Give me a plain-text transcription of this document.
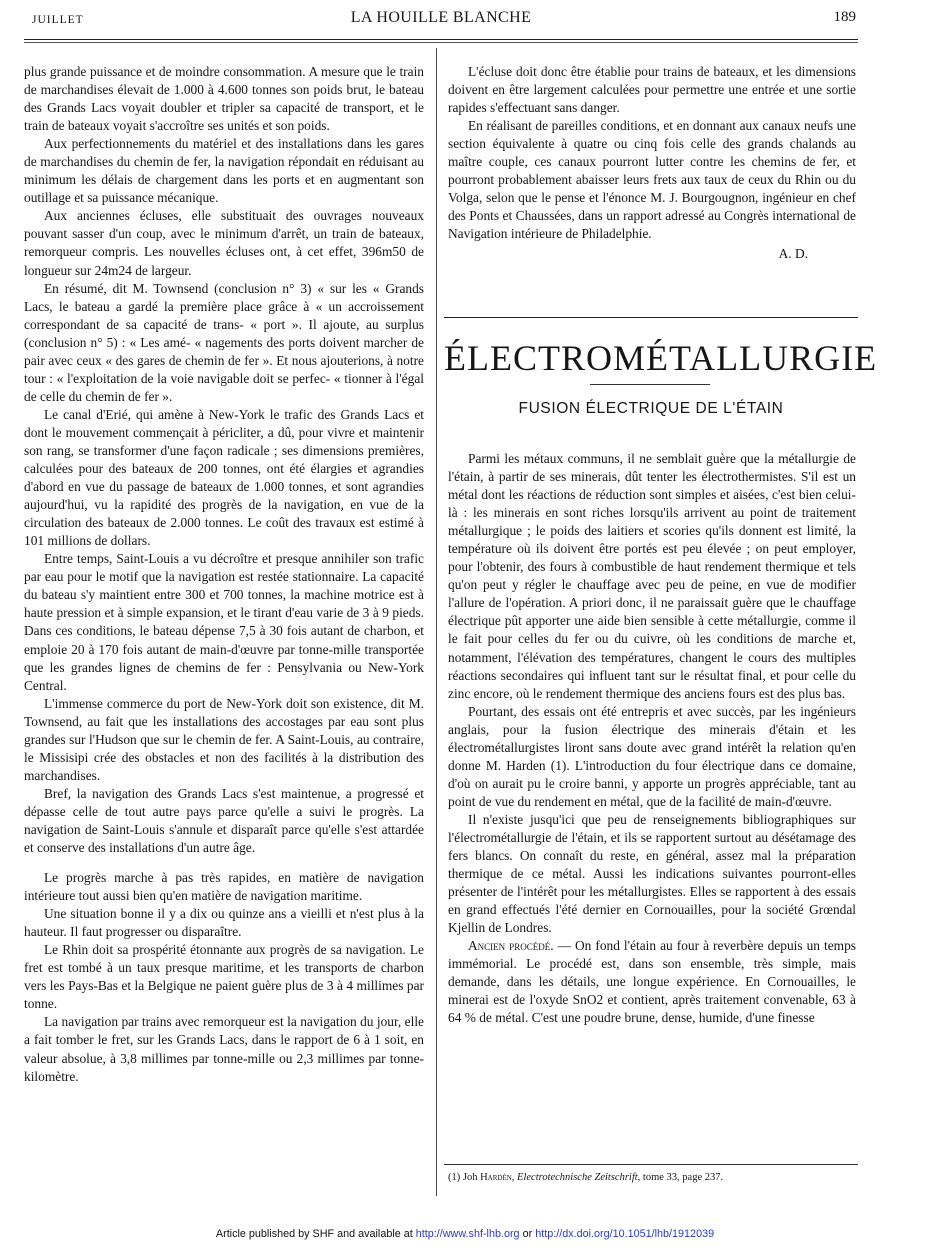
JUILLET	LA HOUILLE BLANCHE	189

plus grande puissance et de moindre consommation. A mesure que le train de marchandises élevait de 1.000 à 4.600 tonnes son poids brut, le bateau des Grands Lacs voyait doubler et tripler sa capacité de transport, et le train de bateaux voyait s'accroître ses unités et son poids.

Aux perfectionnements du matériel et des installations dans les gares de marchandises du chemin de fer, la navigation répondait en réduisant au minimum les délais de chargement dans les ports et en augmentant son outillage et sa puissance mécanique.

Aux anciennes écluses, elle substituait des ouvrages nouveaux pouvant sasser d'un coup, avec le minimum d'arrêt, un train de bateaux, remorqueur compris. Les nouvelles écluses ont, à cet effet, 396m50 de longueur sur 24m24 de largeur.

En résumé, dit M. Townsend (conclusion n° 3) « sur les « Grands Lacs, le bateau a gardé la première place grâce à « un accroissement correspondant de sa capacité de trans- « port ». Il ajoute, au surplus (conclusion n° 5) : « Les amé- « nagements des ports doivent marcher de pair avec ceux « des gares de chemin de fer ». Et nous ajouterions, à notre tour : « l'exploitation de la voie navigable doit se perfec- « tionner à l'égal de celle du chemin de fer ».

Le canal d'Erié, qui amène à New-York le trafic des Grands Lacs et dont le mouvement commençait à péricliter, a dû, pour vivre et maintenir son rang, se transformer d'une façon radicale ; ses dimensions premières, calculées pour des bateaux de 200 tonnes, ont été élargies et agrandies d'abord en vue du passage de bateaux de 1.000 tonnes, et sont agrandies aujourd'hui, vu la rapidité des progrès de la navigation, en vue de la circulation des bateaux de 2.000 tonnes. Le coût des travaux est estimé à 101 millions de dollars.

Entre temps, Saint-Louis a vu décroître et presque annihiler son trafic par eau pour le motif que la navigation est restée stationnaire. La capacité du bateau s'y maintient entre 300 et 700 tonnes, la machine motrice est à haute pression et à simple expansion, et le tirant d'eau varie de 3 à 9 pieds. Dans ces conditions, le bateau dépense 7,5 à 30 fois autant de charbon, et emploie 20 à 170 fois autant de main-d'œuvre par tonne-mille transportée que les grandes lignes de chemins de fer : Pensylvania ou New-York Central.

L'immense commerce du port de New-York doit son existence, dit M. Townsend, au fait que les installations des accostages par eau sont plus grandes sur l'Hudson que sur le chemin de fer. A Saint-Louis, au contraire, le Missisipi crée des obstacles et non des facilités à la distribution des marchandises.

Bref, la navigation des Grands Lacs s'est maintenue, a progressé et dépasse celle de tout autre pays parce qu'elle a suivi le progrès. La navigation de Saint-Louis s'annule et disparaît parce qu'elle s'est attardée et conserve des installations d'un autre âge.

Le progrès marche à pas très rapides, en matière de navigation intérieure tout aussi bien qu'en matière de navigation maritime.

Une situation bonne il y a dix ou quinze ans a vieilli et n'est plus à la hauteur. Il faut progresser ou disparaître.

Le Rhin doit sa prospérité étonnante aux progrès de sa navigation. Le fret est tombé à un taux presque maritime, et les transports de charbon vers les Pays-Bas et la Belgique ne paient guère plus de 3 à 4 millimes par tonne.

La navigation par trains avec remorqueur est la navigation du jour, elle a fait tomber le fret, sur les Grands Lacs, dans le rapport de 6 à 1 soit, en valeur absolue, à 3,8 millimes par tonne-mille ou 2,3 millimes par tonne-kilomètre.

L'écluse doit donc être établie pour trains de bateaux, et les dimensions doivent en être largement calculées pour permettre une entrée et une sortie rapides s'effectuant sans danger.

En réalisant de pareilles conditions, et en donnant aux canaux neufs une section équivalente à quatre ou cinq fois celle des grands chalands au maître couple, ces canaux pourront lutter contre les chemins de fer, et pourront probablement abaisser leurs frets aux taux de ceux du Rhin ou du Volga, selon que le pense et l'énonce M. J. Bourgougnon, ingénieur en chef des Ponts et Chaussées, dans un rapport adressé au Congrès international de Navigation intérieure de Philadelphie.

A. D.
ÉLECTROMÉTALLURGIE
FUSION ÉLECTRIQUE DE L'ÉTAIN

Parmi les métaux communs, il ne semblait guère que la métallurgie de l'étain, à partir de ses minerais, dût tenter les électrothermistes. S'il est un métal dont les réactions de réduction sont simples et aisées, c'est bien celui-là : les minerais en sont riches lorsqu'ils arrivent au point de traitement métallurgique ; le poids des laitiers et scories qu'ils donnent est limité, la température où ils doivent être portés est peu élevée ; on peut employer, pour l'obtenir, des fours à combustible de haut rendement thermique et tels qu'on peut y régler le chauffage avec peu de peine, en vue de modifier l'allure de l'opération. A priori donc, il ne paraissait guère que le chauffage électrique pût apporter une aide bien sensible à cette métallurgie, comme il le fait pour celles du fer ou du cuivre, où les conditions de marche et, notamment, l'élévation des températures, changent le cours des multiples réactions secondaires qui influent tant sur le résultat final, et pour celle du zinc encore, où le rendement thermique des anciens fours est des plus bas.

Pourtant, des essais ont été entrepris et avec succès, par les ingénieurs anglais, pour la fusion électrique des minerais d'étain et les électrométallurgistes liront sans doute avec grand intérêt la relation qu'en donne M. Harden (1). L'introduction du four électrique dans ce domaine, d'où on aurait pu le croire banni, y apporte un progrès appréciable, tant au point de vue du rendement en métal, que de la facilité de main-d'œuvre.

Il n'existe jusqu'ici que peu de renseignements bibliographiques sur l'électrométallurgie de l'étain, et ils se rapportent surtout au désétamage des fers blancs. On connaît du reste, en général, assez mal la préparation thermique de ce métal. Aussi les indications suivantes pourront-elles présenter de l'intérêt pour les métallurgistes. Elles se rapportent à des essais en grand effectués l'été dernier en Cornouailles, pour la société Grœndal Kjellin de Londres.

Ancien procédé. — On fond l'étain au four à reverbère depuis un temps immémorial. Le procédé est, dans son ensemble, très simple, mais demande, dans les détails, une longue expérience. En Cornouailles, le minerai est de l'oxyde SnO2 et contient, après traitement convenable, 63 à 64 % de métal. C'est une poudre brune, dense, humide, d'une finesse

(1) Joh Hardén, Electrotechnische Zeitschrift, tome 33, page 237.
Article published by SHF and available at http://www.shf-lhb.org or http://dx.doi.org/10.1051/lhb/1912039
